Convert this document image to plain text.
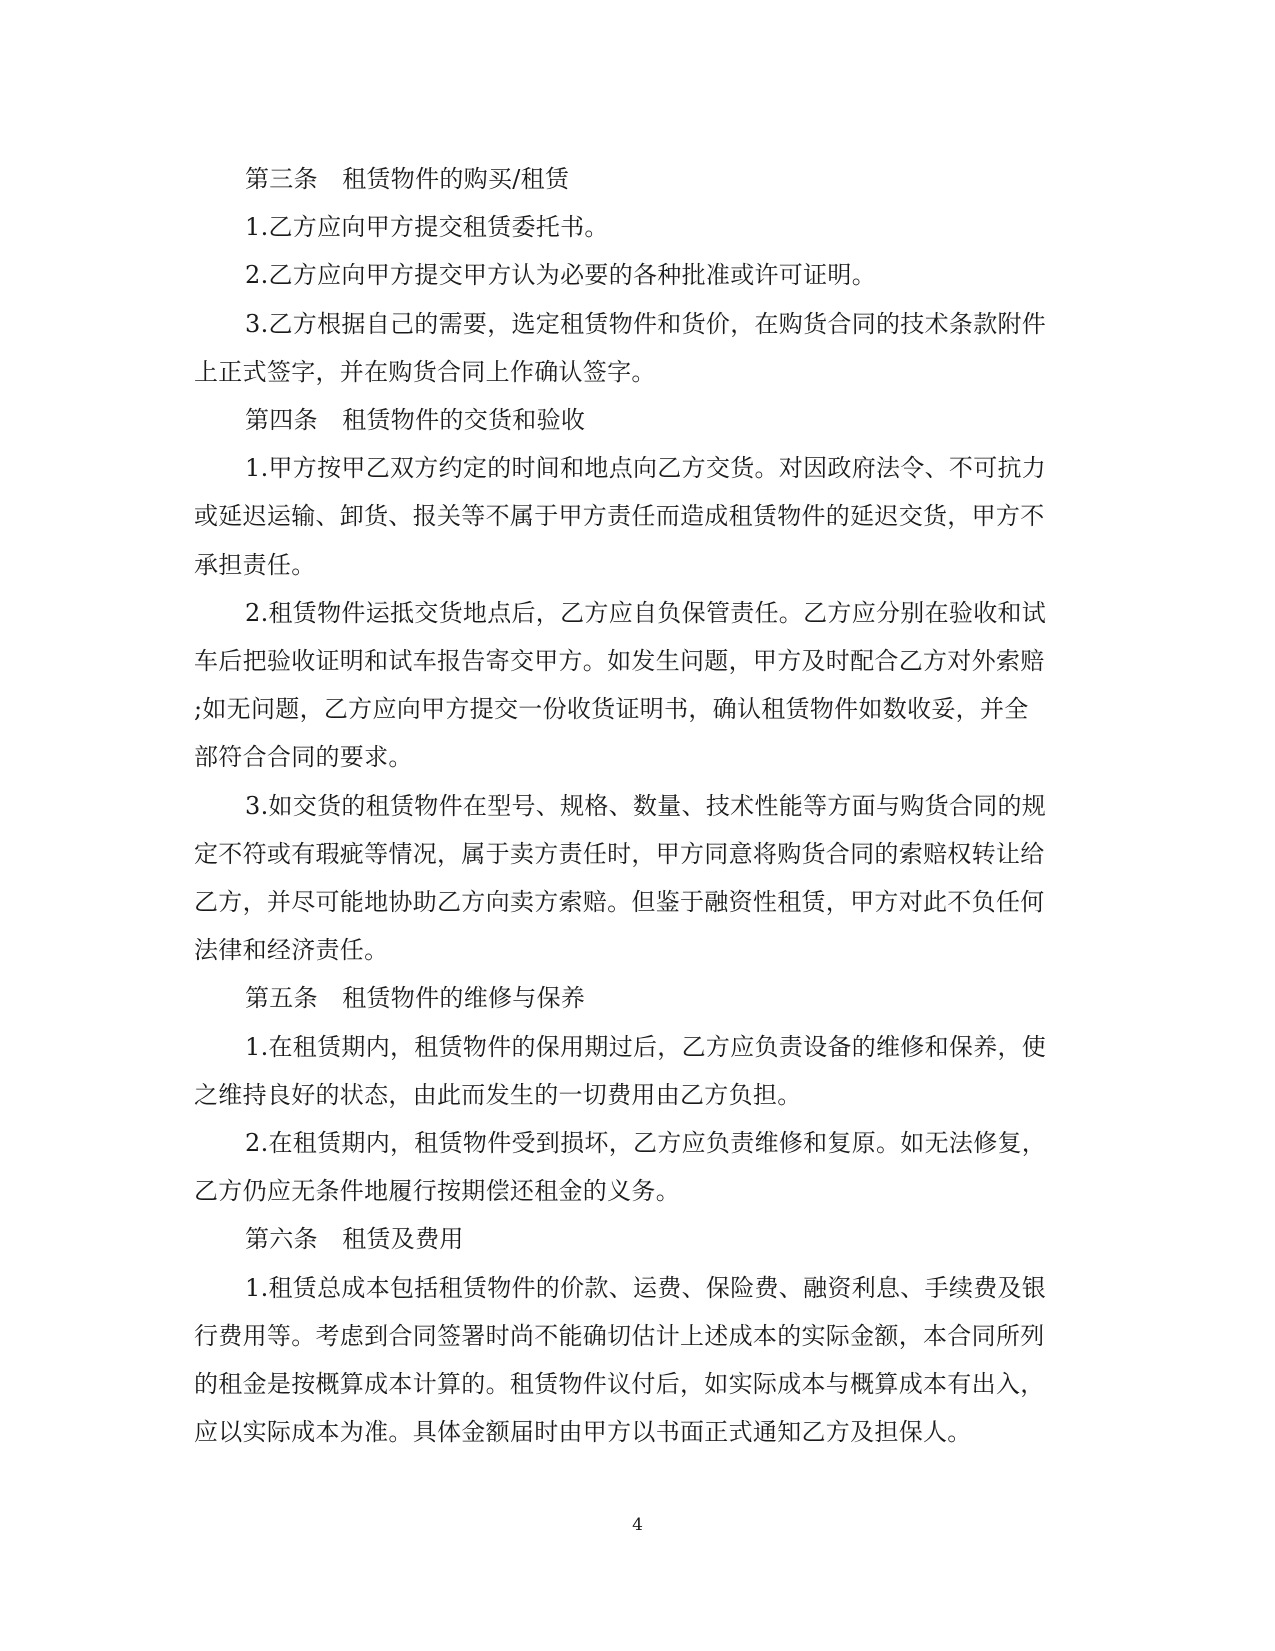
第三条　租赁物件的购买/租赁
1.乙方应向甲方提交租赁委托书。
2.乙方应向甲方提交甲方认为必要的各种批准或许可证明。
3.乙方根据自己的需要，选定租赁物件和货价，在购货合同的技术条款附件
上正式签字，并在购货合同上作确认签字。
第四条　租赁物件的交货和验收
1.甲方按甲乙双方约定的时间和地点向乙方交货。对因政府法令、不可抗力
或延迟运输、卸货、报关等不属于甲方责任而造成租赁物件的延迟交货，甲方不
承担责任。
2.租赁物件运抵交货地点后，乙方应自负保管责任。乙方应分别在验收和试
车后把验收证明和试车报告寄交甲方。如发生问题，甲方及时配合乙方对外索赔
;如无问题，乙方应向甲方提交一份收货证明书，确认租赁物件如数收妥，并全
部符合合同的要求。
3.如交货的租赁物件在型号、规格、数量、技术性能等方面与购货合同的规
定不符或有瑕疵等情况，属于卖方责任时，甲方同意将购货合同的索赔权转让给
乙方，并尽可能地协助乙方向卖方索赔。但鉴于融资性租赁，甲方对此不负任何
法律和经济责任。
第五条　租赁物件的维修与保养
1.在租赁期内，租赁物件的保用期过后，乙方应负责设备的维修和保养，使
之维持良好的状态，由此而发生的一切费用由乙方负担。
2.在租赁期内，租赁物件受到损坏，乙方应负责维修和复原。如无法修复，
乙方仍应无条件地履行按期偿还租金的义务。
第六条　租赁及费用
1.租赁总成本包括租赁物件的价款、运费、保险费、融资利息、手续费及银
行费用等。考虑到合同签署时尚不能确切估计上述成本的实际金额，本合同所列
的租金是按概算成本计算的。租赁物件议付后，如实际成本与概算成本有出入，
应以实际成本为准。具体金额届时由甲方以书面正式通知乙方及担保人。
4
